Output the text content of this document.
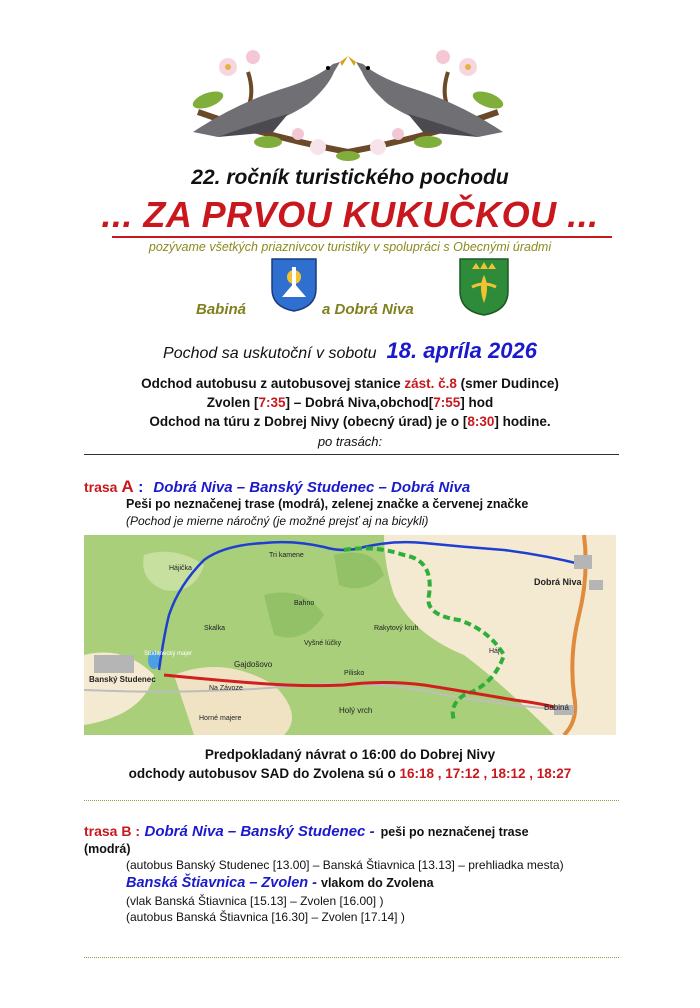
22. ročník turistického pochodu
... ZA PRVOU KUKUČKOU ...
pozývame všetkých priaznivcov turistiky v spolupráci s Obecnými úradmi
Babiná	a Dobrá Niva
Pochod sa uskutoční v sobotu 18. apríla 2026
Odchod autobusu z autobusovej stanice zást. č.8 (smer Dudince)
Zvolen [7:35] – Dobrá Niva,obchod[7:55] hod
Odchod na túru z Dobrej Nivy (obecný úrad) je o [8:30] hodine.
po trasách:
trasa A : Dobrá Niva – Banský Studenec – Dobrá Niva
Peši po neznačenej trase (modrá), zelenej značke a červenej značke
(Pochod je mierne náročný (je možné prejsť aj na bicykli)
Dobrá Niva
Babiná
Banský Studenec
Gajdošovo
Holý vrch
Na Závoze
Horné majere
Rakytový kruh
Skalka
Hájička
Vyšné lúčky
Studenecký majer
Bahno
Pilisko
Háj
Tri kamene
Predpokladaný návrat o 16:00 do Dobrej Nivy
odchody autobusov SAD do Zvolena sú o 16:18 , 17:12 , 18:12 , 18:27
trasa B : Dobrá Niva – Banský Studenec - peši po neznačenej trase
(modrá)
(autobus Banský Studenec [13.00] – Banská Štiavnica [13.13] – prehliadka mesta)
Banská Štiavnica – Zvolen - vlakom do Zvolena
(vlak Banská Štiavnica [15.13] – Zvolen [16.00] )
(autobus Banská Štiavnica [16.30] – Zvolen [17.14] )
